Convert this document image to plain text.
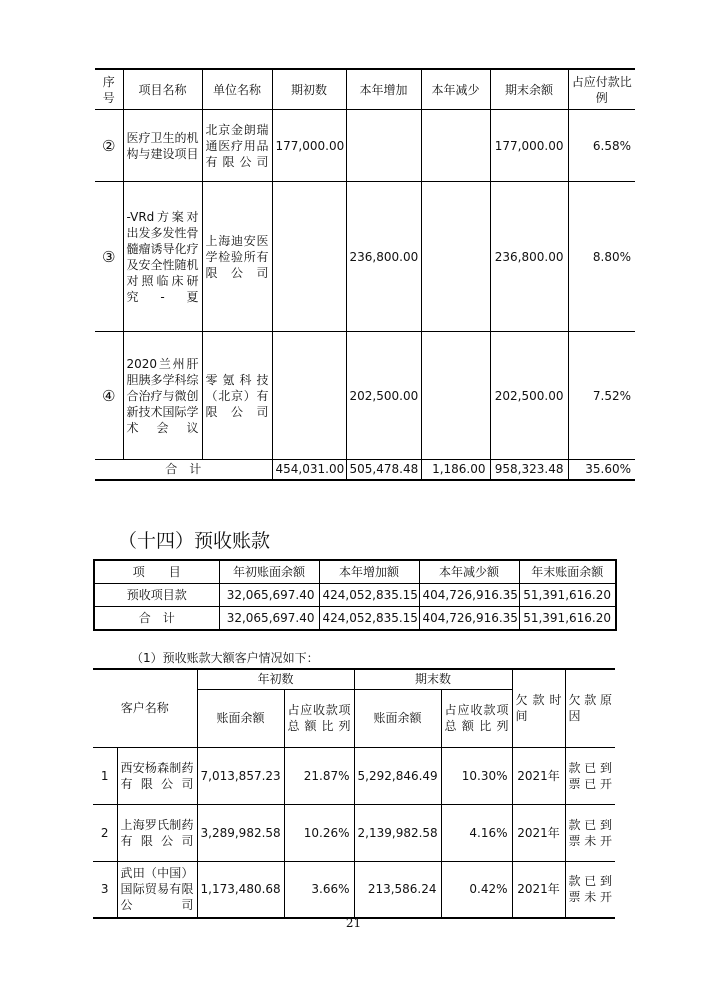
序号	项目名称	单位名称	期初数	本年增加	本年减少	期末余额	占应付款比例
②	医疗卫生的机构与建设项目	北京金朗瑞通医疗用品有限公司	177,000.00			177,000.00	6.58%
③	-VRd方案对出发多发性骨髓瘤诱导化疗及安全性随机对照临床研究-夏	上海迪安医学检验所有限公司		236,800.00		236,800.00	8.80%
④	2020兰州肝胆胰多学科综合治疗与微创新技术国际学术会议	零氪科技（北京）有限公司		202,500.00		202,500.00	7.52%
合　计			454,031.00	505,478.48	1,186.00	958,323.48	35.60%
（十四）预收账款
项　　目	年初账面余额	本年增加额	本年减少额	年末账面余额
预收项目款	32,065,697.40	424,052,835.15	404,726,916.35	51,391,616.20
合　计	32,065,697.40	424,052,835.15	404,726,916.35	51,391,616.20
（1）预收账款大额客户情况如下：
客户名称		年初数		期末数		欠款时间	欠款原因
		账面余额	占应收款项总额比列	账面余额	占应收款项总额比列		
1	西安杨森制药有限公司	7,013,857.23	21.87%	5,292,846.49	10.30%	2021年	款已到票已开
2	上海罗氏制药有限公司	3,289,982.58	10.26%	2,139,982.58	4.16%	2021年	款已到票未开
3	武田（中国）国际贸易有限公司	1,173,480.68	3.66%	213,586.24	0.42%	2021年	款已到票未开
21
